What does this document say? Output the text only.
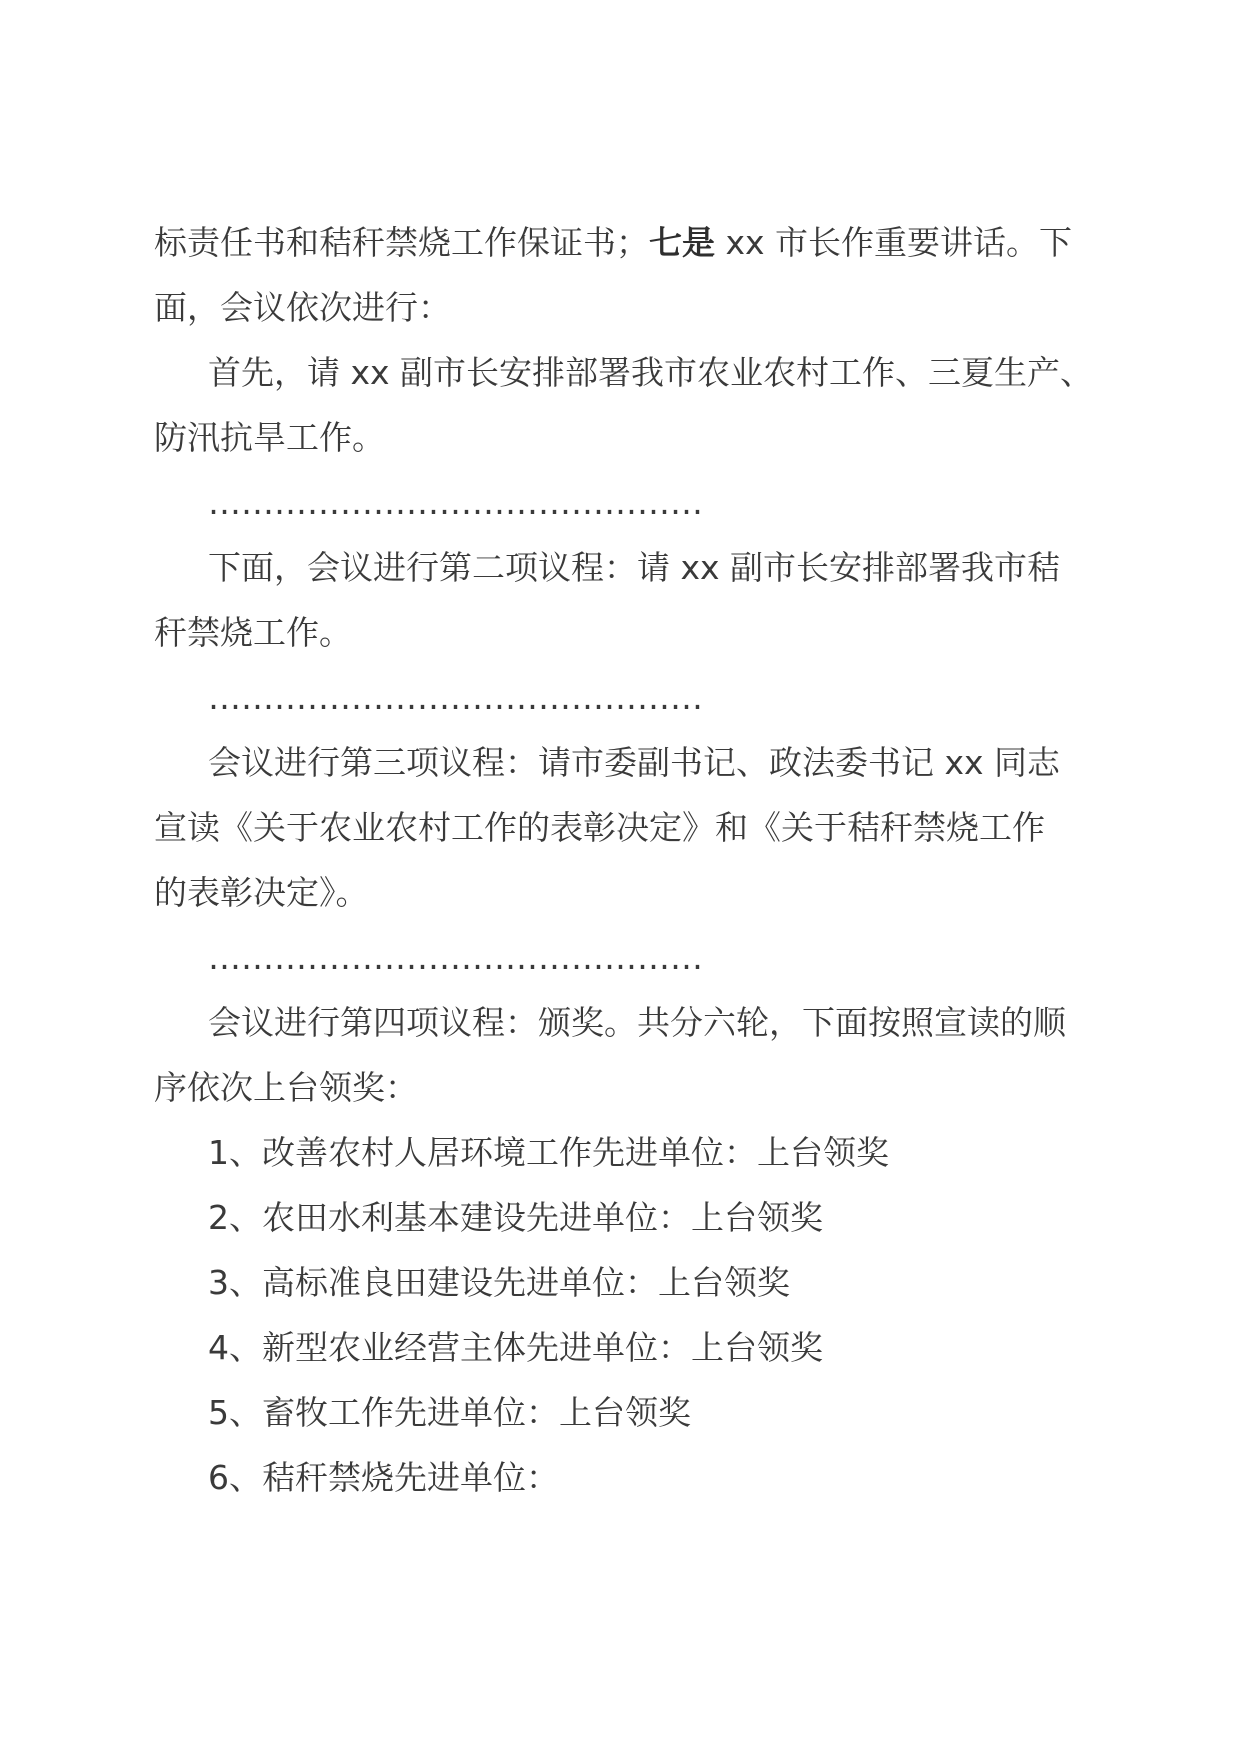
标责任书和秸秆禁烧工作保证书；七是 xx 市长作重要讲话。下
面，会议依次进行：
首先，请 xx 副市长安排部署我市农业农村工作、三夏生产、
防汛抗旱工作。
………………………………………
下面，会议进行第二项议程：请 xx 副市长安排部署我市秸
秆禁烧工作。
………………………………………
会议进行第三项议程：请市委副书记、政法委书记 xx 同志
宣读《关于农业农村工作的表彰决定》和《关于秸秆禁烧工作
的表彰决定》。
………………………………………
会议进行第四项议程：颁奖。共分六轮，下面按照宣读的顺
序依次上台领奖：
1、改善农村人居环境工作先进单位：上台领奖
2、农田水利基本建设先进单位：上台领奖
3、高标准良田建设先进单位：上台领奖
4、新型农业经营主体先进单位：上台领奖
5、畜牧工作先进单位：上台领奖
6、秸秆禁烧先进单位：
